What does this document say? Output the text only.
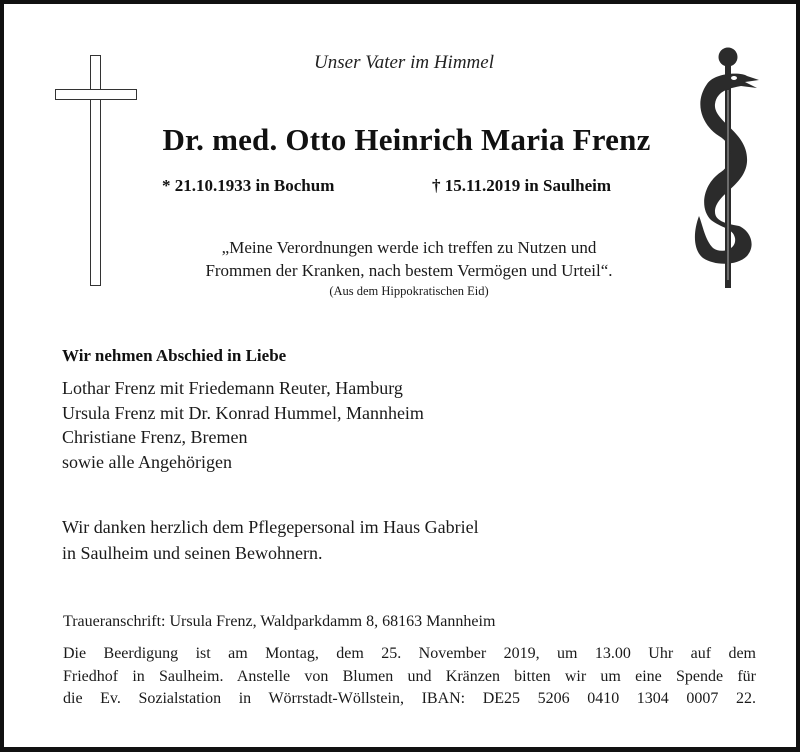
Unser Vater im Himmel
Dr. med. Otto Heinrich Maria Frenz
* 21.10.1933 in Bochum	† 15.11.2019 in Saulheim
„Meine Verordnungen werde ich treffen zu Nutzen und
Frommen der Kranken, nach bestem Vermögen und Urteil“.
(Aus dem Hippokratischen Eid)
Wir nehmen Abschied in Liebe
Lothar Frenz mit Friedemann Reuter, Hamburg
Ursula Frenz mit Dr. Konrad Hummel, Mannheim
Christiane Frenz, Bremen
sowie alle Angehörigen
Wir danken herzlich dem Pflegepersonal im Haus Gabriel
in Saulheim und seinen Bewohnern.
Traueranschrift: Ursula Frenz, Waldparkdamm 8, 68163 Mannheim
Die Beerdigung ist am Montag, dem 25. November 2019, um 13.00 Uhr auf dem
Friedhof in Saulheim. Anstelle von Blumen und Kränzen bitten wir um eine Spende für
die Ev. Sozialstation in Wörrstadt-Wöllstein, IBAN: DE25 5206 0410 1304 0007 22.
